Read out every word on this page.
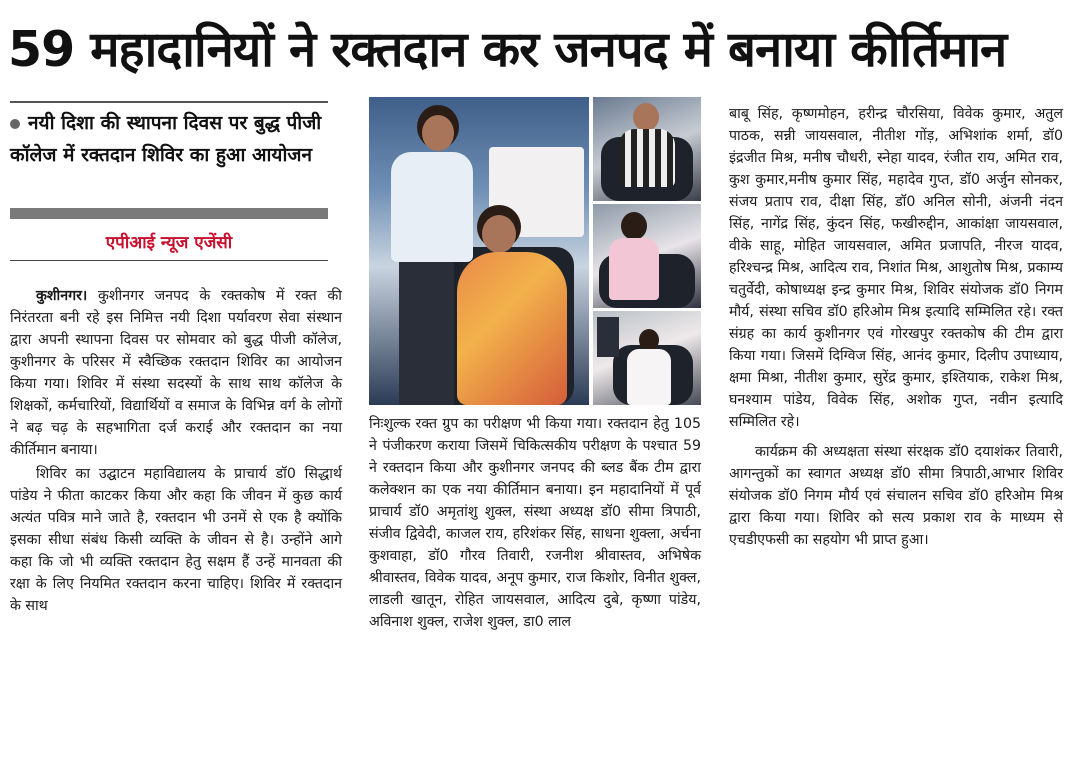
59 महादानियों ने रक्तदान कर जनपद में बनाया कीर्तिमान
नयी दिशा की स्थापना दिवस पर बुद्ध पीजी कॉलेज में रक्तदान शिविर का हुआ आयोजन
एपीआई न्यूज एजेंसी

कुशीनगर। कुशीनगर जनपद के रक्तकोष में रक्त की निरंतरता बनी रहे इस निमित्त नयी दिशा पर्यावरण सेवा संस्थान द्वारा अपनी स्थापना दिवस पर सोमवार को बुद्ध पीजी कॉलेज, कुशीनगर के परिसर में स्वैच्छिक रक्तदान शिविर का आयोजन किया गया। शिविर में संस्था सदस्यों के साथ साथ कॉलेज के शिक्षकों, कर्मचारियों, विद्यार्थियों व समाज के विभिन्न वर्ग के लोगों ने बढ़ चढ़ के सहभागिता दर्ज कराई और रक्तदान का नया कीर्तिमान बनाया।

शिविर का उद्घाटन महाविद्यालय के प्राचार्य डॉ0 सिद्धार्थ पांडेय ने फीता काटकर किया और कहा कि जीवन में कुछ कार्य अत्यंत पवित्र माने जाते है, रक्तदान भी उनमें से एक है क्योंकि इसका सीधा संबंध किसी व्यक्ति के जीवन से है। उन्होंने आगे कहा कि जो भी व्यक्ति रक्तदान हेतु सक्षम हैं उन्हें मानवता की रक्षा के लिए नियमित रक्तदान करना चाहिए। शिविर में रक्तदान के साथ

निःशुल्क रक्त ग्रुप का परीक्षण भी किया गया। रक्तदान हेतु 105 ने पंजीकरण कराया जिसमें चिकित्सकीय परीक्षण के पश्चात 59 ने रक्तदान किया और कुशीनगर जनपद की ब्लड बैंक टीम द्वारा कलेक्शन का एक नया कीर्तिमान बनाया। इन महादानियों में पूर्व प्राचार्य डॉ0 अमृतांशु शुक्ल, संस्था अध्यक्ष डॉ0 सीमा त्रिपाठी, संजीव द्विवेदी, काजल राय, हरिशंकर सिंह, साधना शुक्ला, अर्चना कुशवाहा, डॉ0 गौरव तिवारी, रजनीश श्रीवास्तव, अभिषेक श्रीवास्तव, विवेक यादव, अनूप कुमार, राज किशोर, विनीत शुक्ल, लाडली खातून, रोहित जायसवाल, आदित्य दुबे, कृष्णा पांडेय, अविनाश शुक्ल, राजेश शुक्ल, डा0 लाल

बाबू सिंह, कृष्णमोहन, हरीन्द्र चौरसिया, विवेक कुमार, अतुल पाठक, सन्नी जायसवाल, नीतीश गोंड़, अभिशांक शर्मा, डॉ0 इंद्रजीत मिश्र, मनीष चौधरी, स्नेहा यादव, रंजीत राय, अमित राव, कुश कुमार,मनीष कुमार सिंह, महादेव गुप्त, डॉ0 अर्जुन सोनकर, संजय प्रताप राव, दीक्षा सिंह, डॉ0 अनिल सोनी, अंजनी नंदन सिंह, नागेंद्र सिंह, कुंदन सिंह, फखीरुद्दीन, आकांक्षा जायसवाल, वीके साहू, मोहित जायसवाल, अमित प्रजापति, नीरज यादव, हरिश्चन्द्र मिश्र, आदित्य राव, निशांत मिश्र, आशुतोष मिश्र, प्रकाम्य चतुर्वेदी, कोषाध्यक्ष इन्द्र कुमार मिश्र, शिविर संयोजक डॉ0 निगम मौर्य, संस्था सचिव डॉ0 हरिओम मिश्र इत्यादि सम्मिलित रहे। रक्त संग्रह का कार्य कुशीनगर एवं गोरखपुर रक्तकोष की टीम द्वारा किया गया। जिसमें दिग्विज सिंह, आनंद कुमार, दिलीप उपाध्याय, क्षमा मिश्रा, नीतीश कुमार, सुरेंद्र कुमार, इश्तियाक, राकेश मिश्र, घनश्याम पांडेय, विवेक सिंह, अशोक गुप्त, नवीन इत्यादि सम्मिलित रहे।

कार्यक्रम की अध्यक्षता संस्था संरक्षक डॉ0 दयाशंकर तिवारी, आगन्तुकों का स्वागत अध्यक्ष डॉ0 सीमा त्रिपाठी,आभार शिविर संयोजक डॉ0 निगम मौर्य एवं संचालन सचिव डॉ0 हरिओम मिश्र द्वारा किया गया। शिविर को सत्य प्रकाश राव के माध्यम से एचडीएफसी का सहयोग भी प्राप्त हुआ।
